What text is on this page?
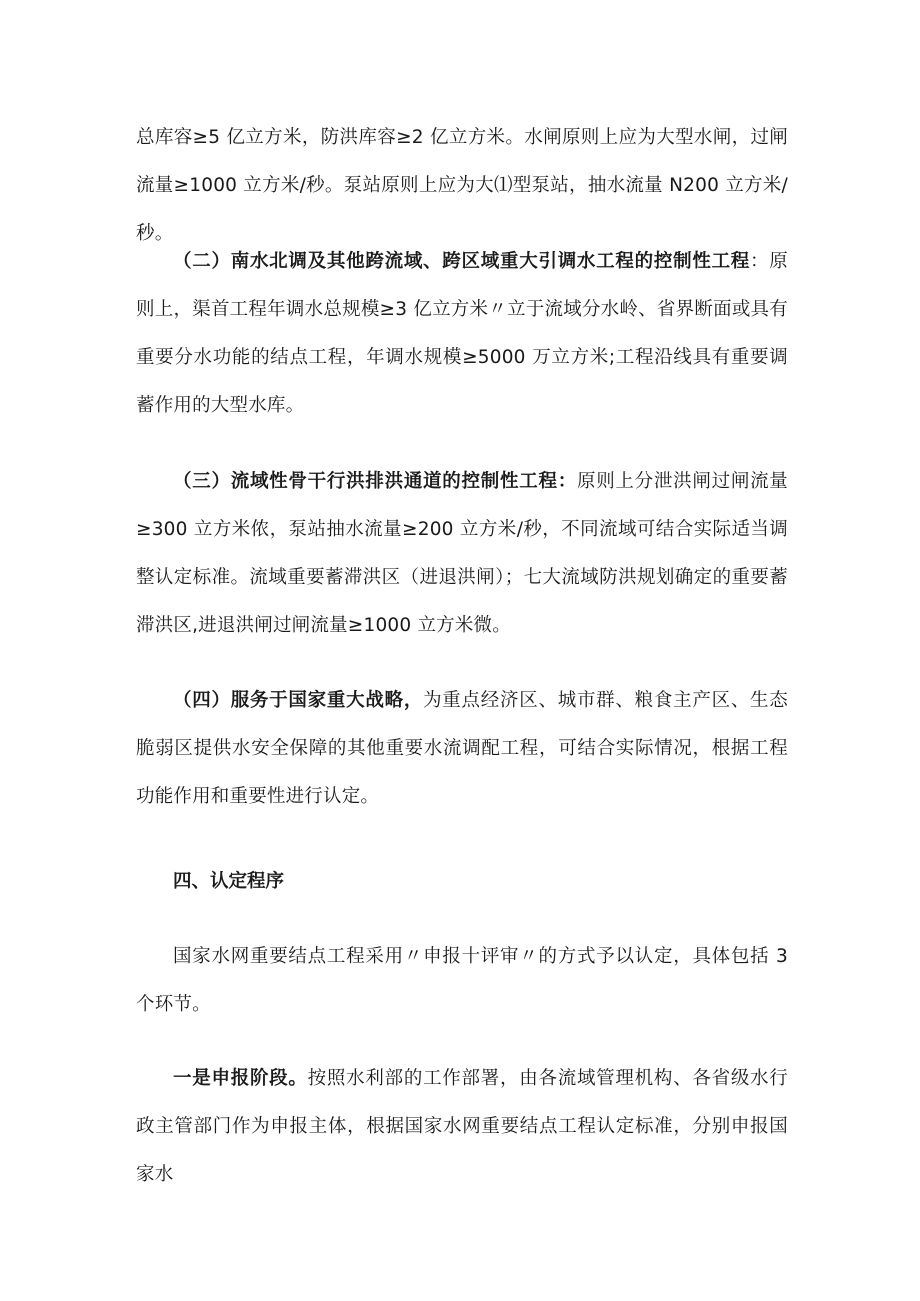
总库容≥5 亿立方米，防洪库容≥2 亿立方米。水闸原则上应为大型水闸，过闸流量≥1000 立方米/秒。泵站原则上应为大⑴型泵站，抽水流量 N200 立方米/秒。

（二）南水北调及其他跨流域、跨区域重大引调水工程的控制性工程：原则上，渠首工程年调水总规模≥3 亿立方米〃立于流域分水岭、省界断面或具有重要分水功能的结点工程，年调水规模≥5000 万立方米;工程沿线具有重要调蓄作用的大型水库。

（三）流域性骨干行洪排洪通道的控制性工程：原则上分泄洪闸过闸流量≥300 立方米侬，泵站抽水流量≥200 立方米/秒，不同流域可结合实际适当调整认定标准。流域重要蓄滞洪区（进退洪闸）；七大流域防洪规划确定的重要蓄滞洪区,进退洪闸过闸流量≥1000 立方米微。

（四）服务于国家重大战略，为重点经济区、城市群、粮食主产区、生态脆弱区提供水安全保障的其他重要水流调配工程，可结合实际情况，根据工程功能作用和重要性进行认定。

四、认定程序

国家水网重要结点工程采用〃申报十评审〃的方式予以认定，具体包括 3 个环节。

一是申报阶段。按照水利部的工作部署，由各流域管理机构、各省级水行政主管部门作为申报主体，根据国家水网重要结点工程认定标准，分别申报国家水
